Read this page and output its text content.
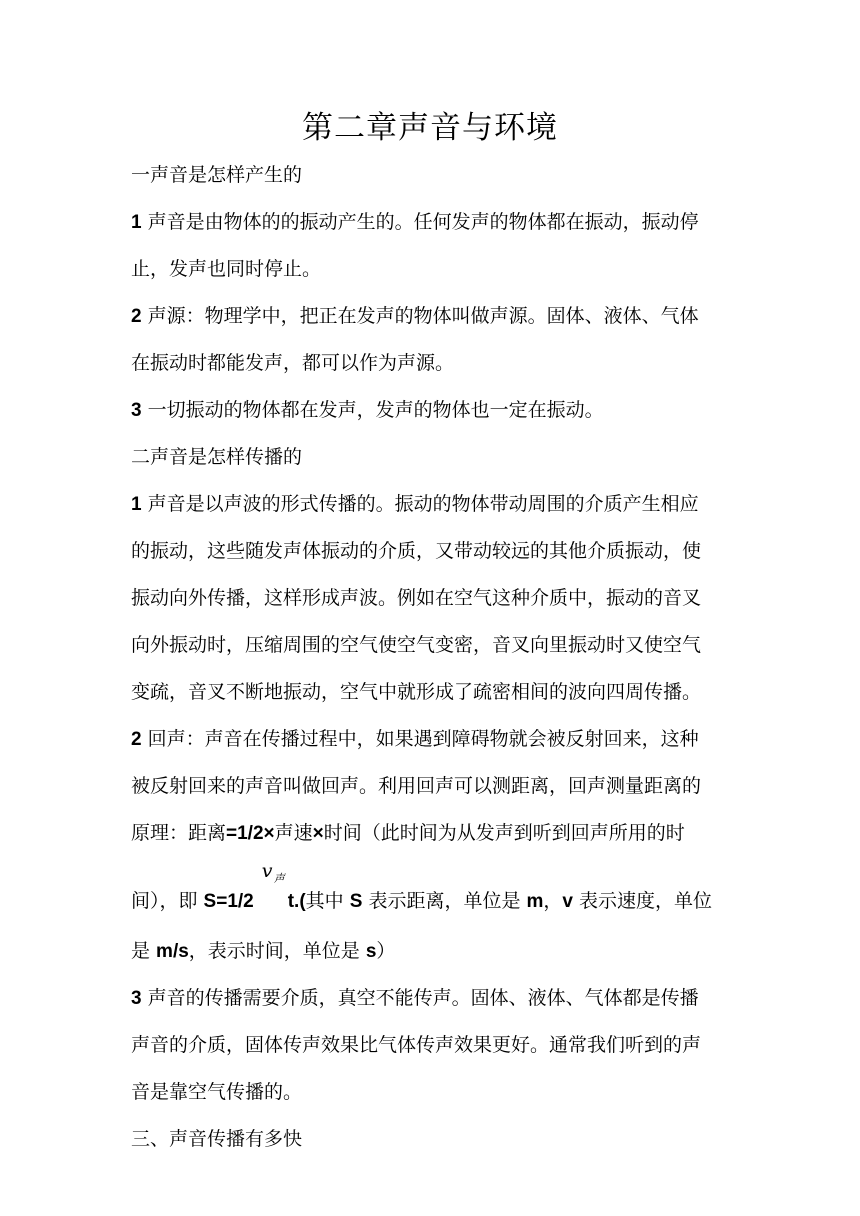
第二章声音与环境
一声音是怎样产生的
1 声音是由物体的的振动产生的。任何发声的物体都在振动，振动停
止，发声也同时停止。
2 声源：物理学中，把正在发声的物体叫做声源。固体、液体、气体
在振动时都能发声，都可以作为声源。
3 一切振动的物体都在发声，发声的物体也一定在振动。
二声音是怎样传播的
1 声音是以声波的形式传播的。振动的物体带动周围的介质产生相应
的振动，这些随发声体振动的介质，又带动较远的其他介质振动，使
振动向外传播，这样形成声波。例如在空气这种介质中，振动的音叉
向外振动时，压缩周围的空气使空气变密，音叉向里振动时又使空气
变疏，音叉不断地振动，空气中就形成了疏密相间的波向四周传播。
2 回声：声音在传播过程中，如果遇到障碍物就会被反射回来，这种
被反射回来的声音叫做回声。利用回声可以测距离，回声测量距离的
原理：距离=1/2×声速×时间（此时间为从发声到听到回声所用的时
间），即 S=1/2
v 声
t.(其中 S 表示距离，单位是 m，v 表示速度，单位
是 m/s，表示时间，单位是 s）
3 声音的传播需要介质，真空不能传声。固体、液体、气体都是传播
声音的介质，固体传声效果比气体传声效果更好。通常我们听到的声
音是靠空气传播的。
三、声音传播有多快
